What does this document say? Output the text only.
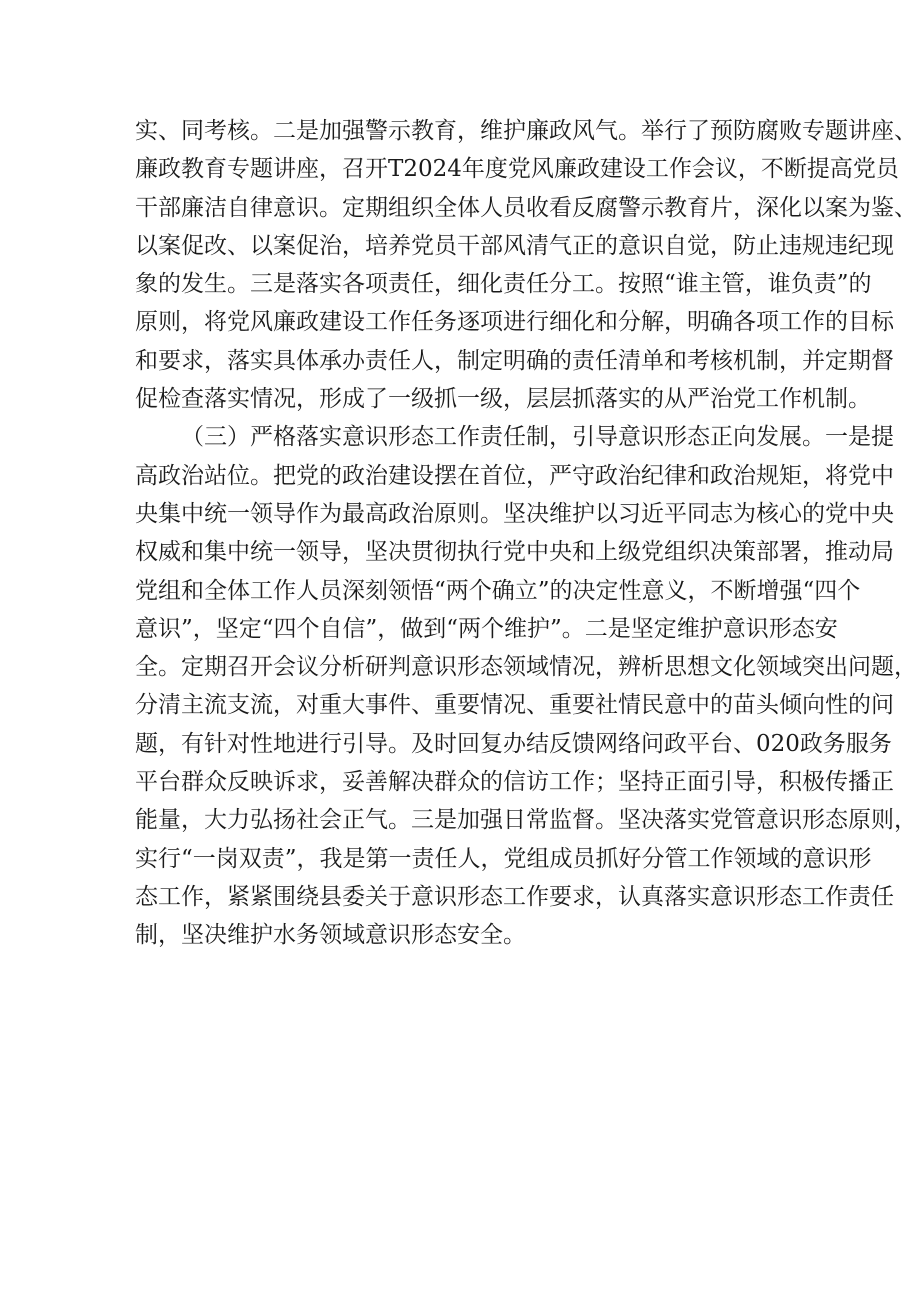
实、同考核。二是加强警示教育，维护廉政风气。举行了预防腐败专题讲座、
廉政教育专题讲座，召开T2024年度党风廉政建设工作会议，不断提高党员
干部廉洁自律意识。定期组织全体人员收看反腐警示教育片，深化以案为鉴、
以案促改、以案促治，培养党员干部风清气正的意识自觉，防止违规违纪现
象的发生。三是落实各项责任，细化责任分工。按照“谁主管，谁负责”的
原则，将党风廉政建设工作任务逐项进行细化和分解，明确各项工作的目标
和要求，落实具体承办责任人，制定明确的责任清单和考核机制，并定期督
促检查落实情况，形成了一级抓一级，层层抓落实的从严治党工作机制。
（三）严格落实意识形态工作责任制，引导意识形态正向发展。一是提
高政治站位。把党的政治建设摆在首位，严守政治纪律和政治规矩，将党中
央集中统一领导作为最高政治原则。坚决维护以习近平同志为核心的党中央
权威和集中统一领导，坚决贯彻执行党中央和上级党组织决策部署，推动局
党组和全体工作人员深刻领悟“两个确立”的决定性意义，不断增强“四个
意识”，坚定“四个自信”，做到“两个维护”。二是坚定维护意识形态安
全。定期召开会议分析研判意识形态领域情况，辨析思想文化领域突出问题，
分清主流支流，对重大事件、重要情况、重要社情民意中的苗头倾向性的问
题，有针对性地进行引导。及时回复办结反馈网络问政平台、020政务服务
平台群众反映诉求，妥善解决群众的信访工作；坚持正面引导，积极传播正
能量，大力弘扬社会正气。三是加强日常监督。坚决落实党管意识形态原则，
实行“一岗双责”，我是第一责任人，党组成员抓好分管工作领域的意识形
态工作，紧紧围绕县委关于意识形态工作要求，认真落实意识形态工作责任
制，坚决维护水务领域意识形态安全。
